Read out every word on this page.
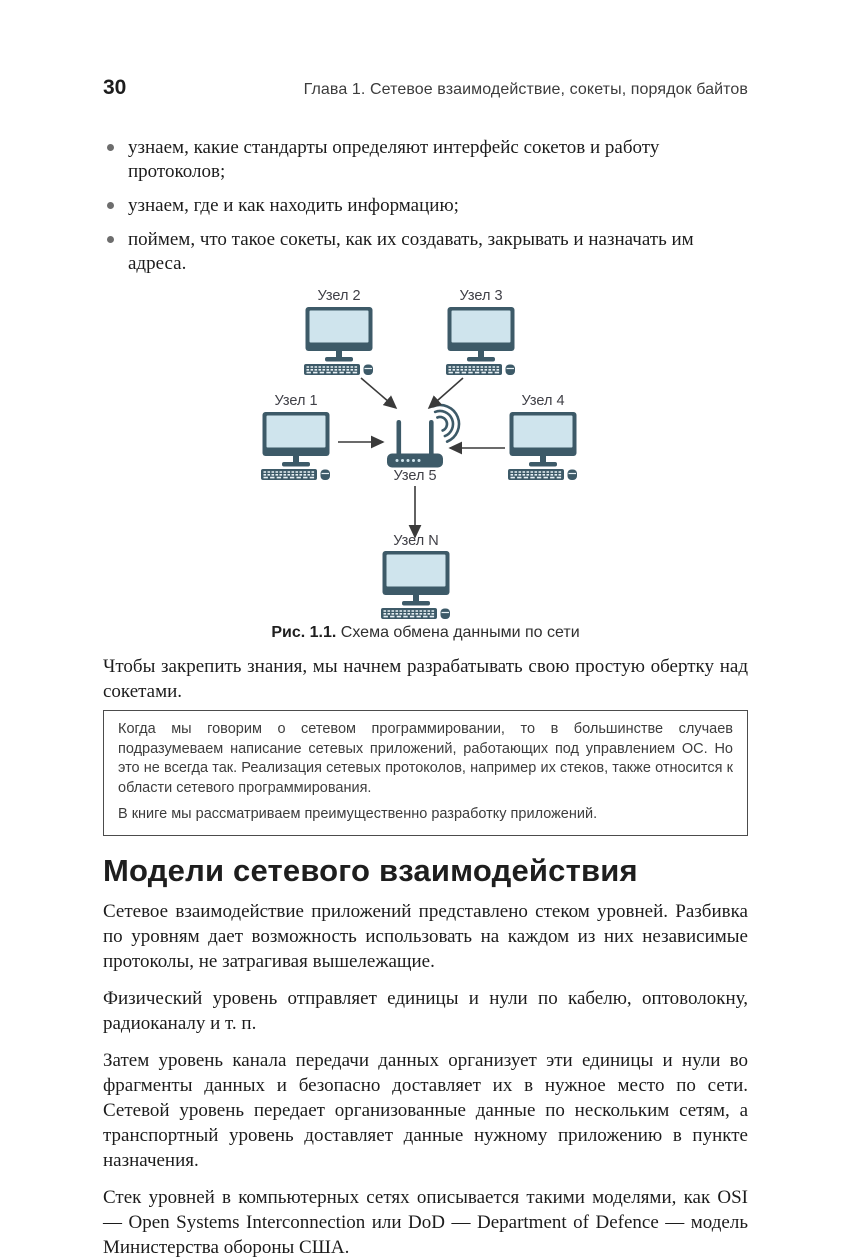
30	Глава 1. Сетевое взаимодействие, сокеты, порядок байтов
узнаем, какие стандарты определяют интерфейс сокетов и работу протоколов;
узнаем, где и как находить информацию;
поймем, что такое сокеты, как их создавать, закрывать и назначать им адреса.
Узел 2	Узел 3
Узел 1	Узел 4
Узел 5
Узел N
Рис. 1.1. Схема обмена данными по сети

Чтобы закрепить знания, мы начнем разрабатывать свою простую обертку над сокетами.

Когда мы говорим о сетевом программировании, то в большинстве случаев подразумеваем написание сетевых приложений, работающих под управлением ОС. Но это не всегда так. Реализация сетевых протоколов, например их стеков, также относится к области сетевого программирования.

В книге мы рассматриваем преимущественно разработку приложений.

Модели сетевого взаимодействия

Сетевое взаимодействие приложений представлено стеком уровней. Разбивка по уровням дает возможность использовать на каждом из них независимые протоколы, не затрагивая вышележащие.

Физический уровень отправляет единицы и нули по кабелю, оптоволокну, радиоканалу и т. п.

Затем уровень канала передачи данных организует эти единицы и нули во фрагменты данных и безопасно доставляет их в нужное место по сети. Сетевой уровень передает организованные данные по нескольким сетям, а транспортный уровень доставляет данные нужному приложению в пункте назначения.

Стек уровней в компьютерных сетях описывается такими моделями, как OSI — Open Systems Interconnection или DoD — Department of Defence — модель Министерства обороны США.
